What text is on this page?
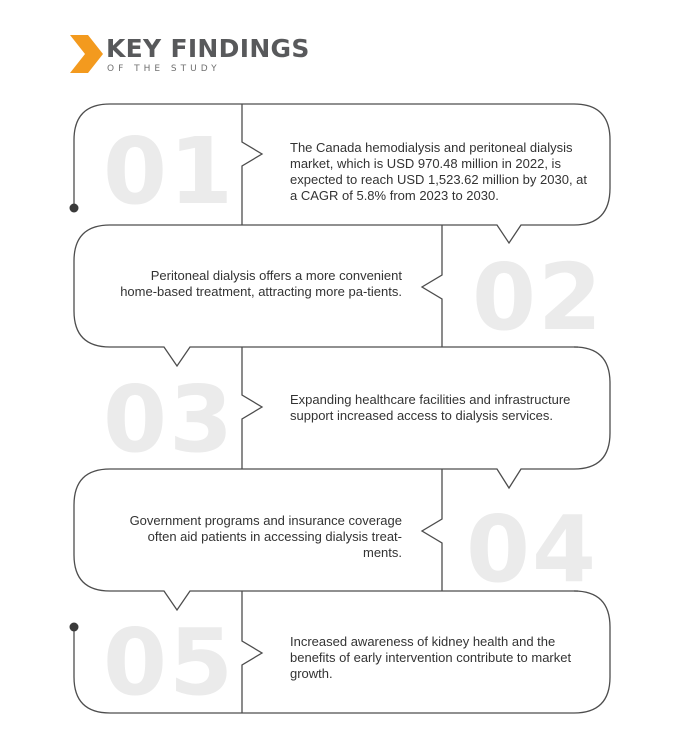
01
02
03
04
05
KEY FINDINGS
OF THE STUDY
The Canada hemodialysis and peritoneal dialysis market, which is USD 970.48 million in 2022, is expected to reach USD 1,523.62 million by 2030, at a CAGR of 5.8% from 2023 to 2030.
Peritoneal dialysis offers a more convenient home-based treatment, attracting more pa-tients.
Expanding healthcare facilities and infrastructure support increased access to dialysis services.
Government programs and insurance coverage often aid patients in accessing dialysis treat-ments.
Increased awareness of kidney health and the benefits of early intervention contribute to market growth.
